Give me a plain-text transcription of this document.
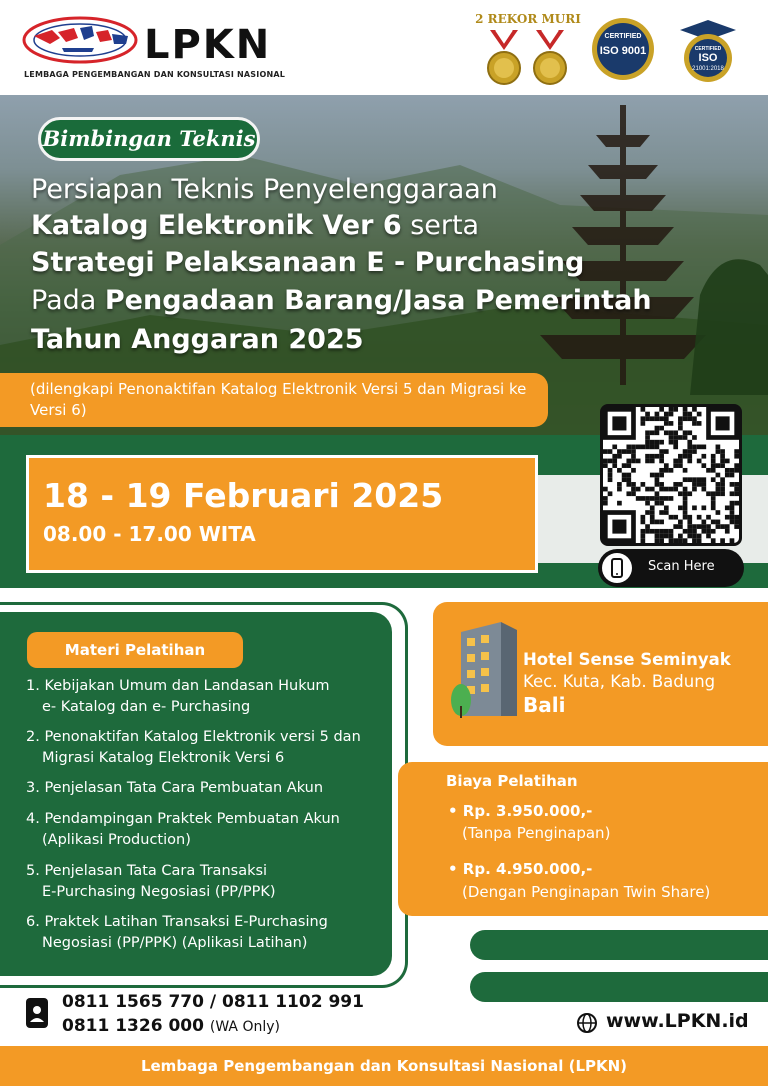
LPKN
LEMBAGA PENGEMBANGAN DAN KONSULTASI NASIONAL
2 REKOR MURI
CERTIFIED
ISO 9001	CERTIFIED
ISO
21001:2018
Bimbingan Teknis
Persiapan Teknis Penyelenggaraan
Katalog Elektronik Ver 6 serta
Strategi Pelaksanaan E - Purchasing
Pada Pengadaan Barang/Jasa Pemerintah
Tahun Anggaran 2025
(dilengkapi Penonaktifan Katalog Elektronik Versi 5 dan Migrasi ke Versi 6)
18 - 19 Februari 2025
08.00 - 17.00 WITA
Scan Here
Materi Pelatihan
1. Kebijakan Umum dan Landasan Hukum
e- Katalog dan e- Purchasing
2. Penonaktifan Katalog Elektronik versi 5 dan
Migrasi Katalog Elektronik Versi 6
3. Penjelasan Tata Cara Pembuatan Akun
4. Pendampingan Praktek Pembuatan Akun
(Aplikasi Production)
5. Penjelasan Tata Cara Transaksi
E-Purchasing Negosiasi (PP/PPK)
6. Praktek Latihan Transaksi E-Purchasing
Negosiasi (PP/PPK) (Aplikasi Latihan)
Hotel Sense Seminyak
Kec. Kuta, Kab. Badung
Bali
Biaya Pelatihan
• Rp. 3.950.000,-
(Tanpa Penginapan)
• Rp. 4.950.000,-
(Dengan Penginapan Twin Share)
0811 1565 770 / 0811 1102 991
0811 1326 000 (WA Only)	www.LPKN.id
Lembaga Pengembangan dan Konsultasi Nasional (LPKN)
